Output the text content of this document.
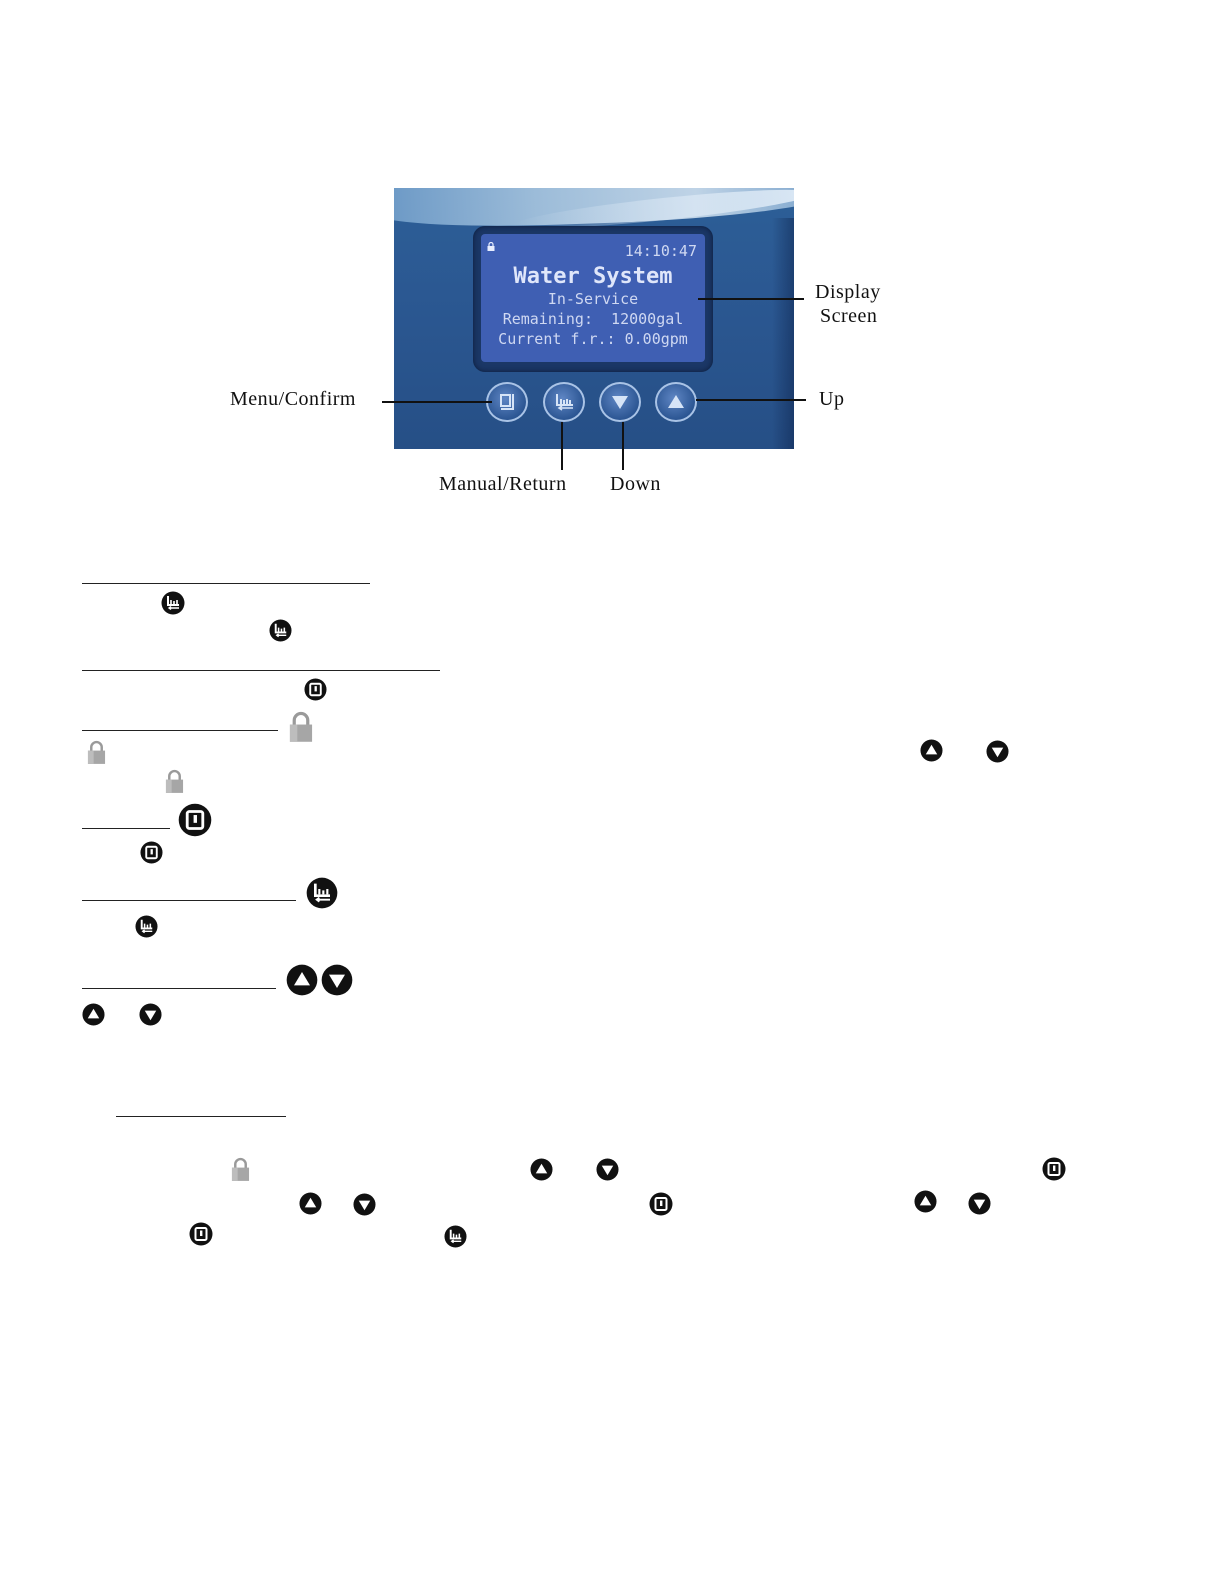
14:10:47
Water System
In-Service
Remaining:  12000gal
Current f.r.: 0.00gpm
Display
Screen
Menu/Confirm	Up
Manual/Return Down
